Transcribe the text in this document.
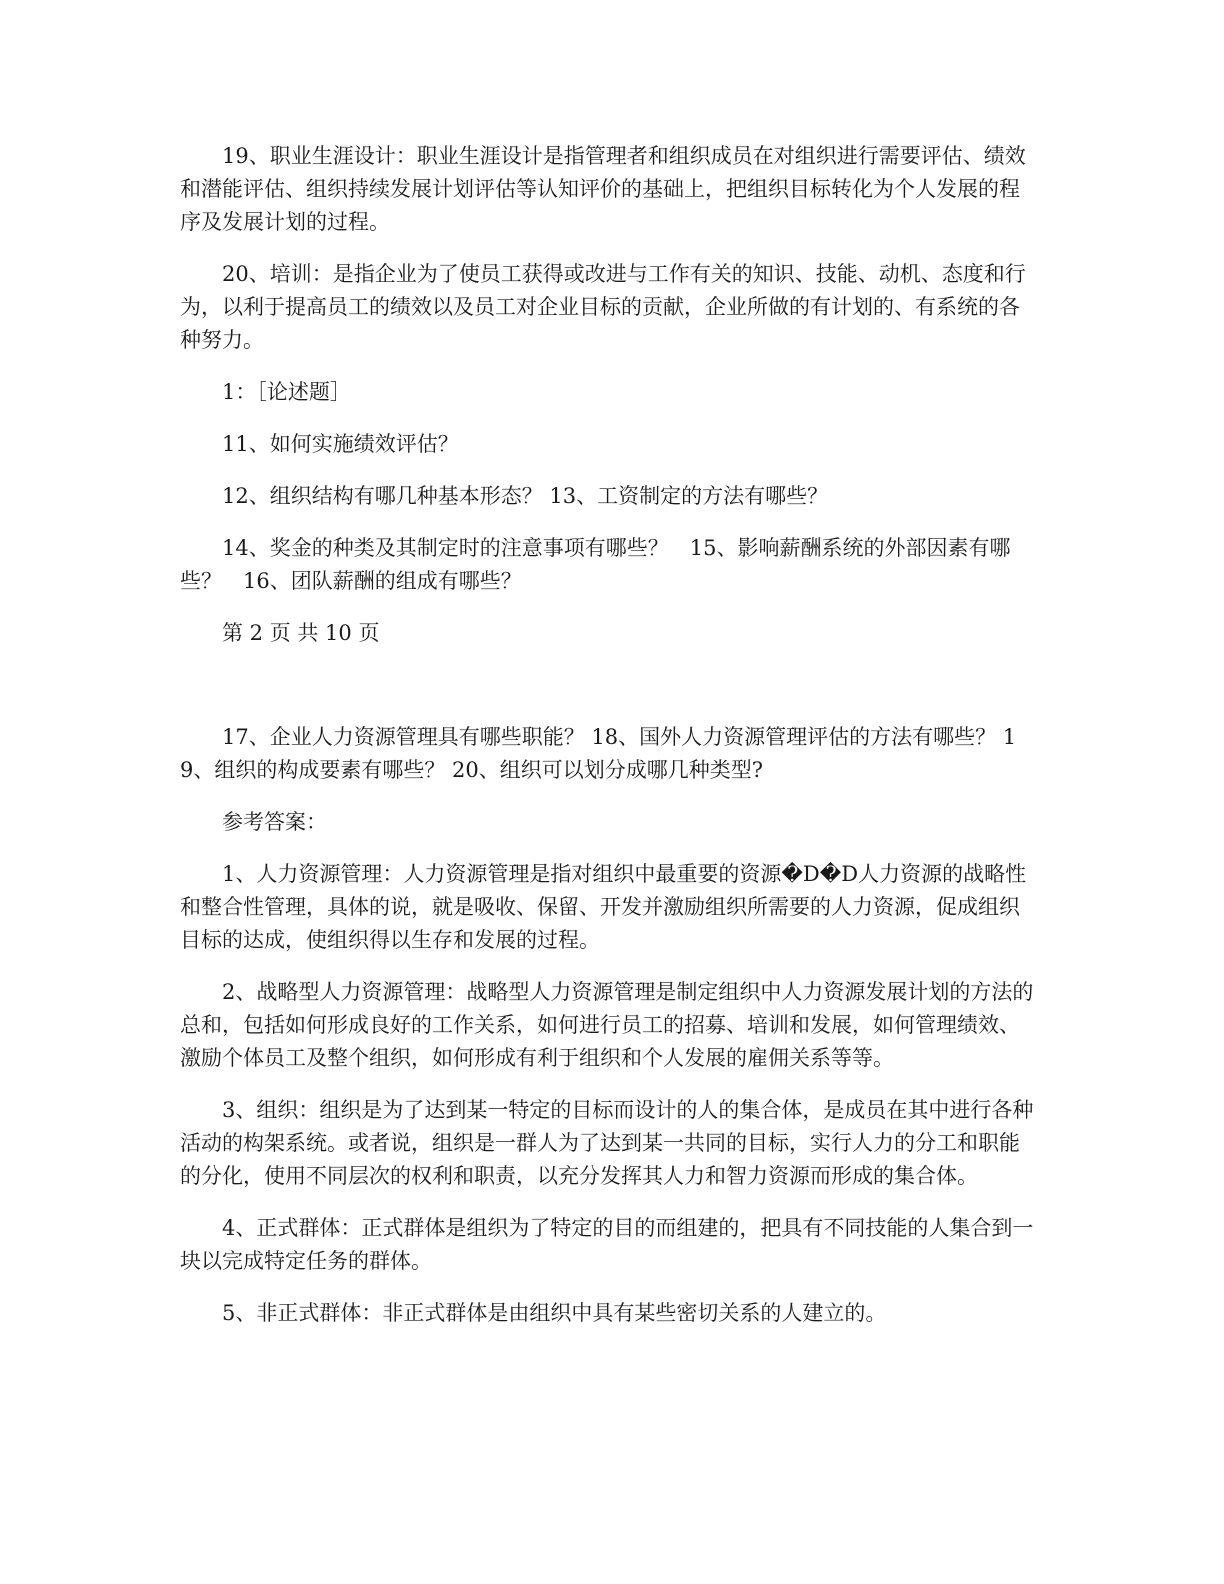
19、职业生涯设计：职业生涯设计是指管理者和组织成员在对组织进行需要评估、绩效和潜能评估、组织持续发展计划评估等认知评价的基础上，把组织目标转化为个人发展的程序及发展计划的过程。

20、培训：是指企业为了使员工获得或改进与工作有关的知识、技能、动机、态度和行为，以利于提高员工的绩效以及员工对企业目标的贡献，企业所做的有计划的、有系统的各种努力。

1：［论述题］

11、如何实施绩效评估？

12、组织结构有哪几种基本形态？ 13、工资制定的方法有哪些？

14、奖金的种类及其制定时的注意事项有哪些？　15、影响薪酬系统的外部因素有哪些？　16、团队薪酬的组成有哪些？

第 2 页 共 10 页

17、企业人力资源管理具有哪些职能？ 18、国外人力资源管理评估的方法有哪些？ 19、组织的构成要素有哪些？ 20、组织可以划分成哪几种类型?

参考答案：

1、人力资源管理：人力资源管理是指对组织中最重要的资源�D�D人力资源的战略性和整合性管理，具体的说，就是吸收、保留、开发并激励组织所需要的人力资源，促成组织目标的达成，使组织得以生存和发展的过程。

2、战略型人力资源管理：战略型人力资源管理是制定组织中人力资源发展计划的方法的总和，包括如何形成良好的工作关系，如何进行员工的招募、培训和发展，如何管理绩效、激励个体员工及整个组织，如何形成有利于组织和个人发展的雇佣关系等等。

3、组织：组织是为了达到某一特定的目标而设计的人的集合体，是成员在其中进行各种活动的构架系统。或者说，组织是一群人为了达到某一共同的目标，实行人力的分工和职能的分化，使用不同层次的权利和职责，以充分发挥其人力和智力资源而形成的集合体。

4、正式群体：正式群体是组织为了特定的目的而组建的，把具有不同技能的人集合到一块以完成特定任务的群体。

5、非正式群体：非正式群体是由组织中具有某些密切关系的人建立的。
